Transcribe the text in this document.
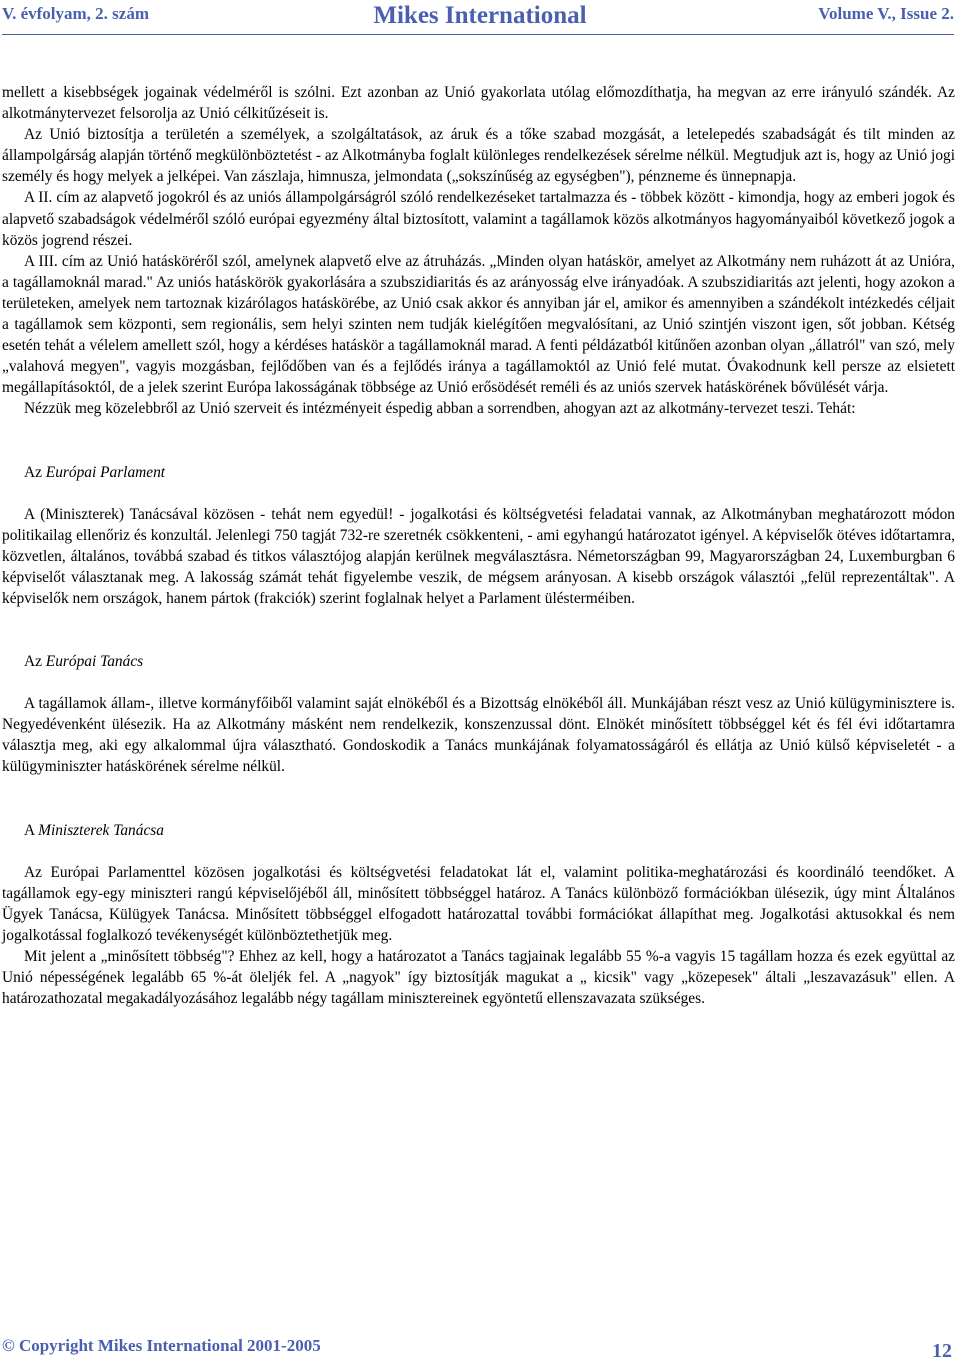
V. évfolyam, 2. szám	Mikes International	Volume V., Issue 2.

mellett a kisebbségek jogainak védelméről is szólni. Ezt azonban az Unió gyakorlata utólag előmozdíthatja, ha megvan az erre irányuló szándék. Az alkotmánytervezet felsorolja az Unió célkitűzéseit is.

Az Unió biztosítja a területén a személyek, a szolgáltatások, az áruk és a tőke szabad mozgását, a letelepedés szabadságát és tilt minden az állampolgárság alapján történő megkülönböztetést - az Alkotmányba foglalt különleges rendelkezések sérelme nélkül. Megtudjuk azt is, hogy az Unió jogi személy és hogy melyek a jelképei. Van zászlaja, himnusza, jelmondata („sokszínűség az egységben"), pénzneme és ünnepnapja.

A II. cím az alapvető jogokról és az uniós állampolgárságról szóló rendelkezéseket tartalmazza és - többek között - kimondja, hogy az emberi jogok és alapvető szabadságok védelméről szóló európai egyezmény által biztosított, valamint a tagállamok közös alkotmányos hagyományaiból következő jogok a közös jogrend részei.

A III. cím az Unió hatásköréről szól, amelynek alapvető elve az átruházás. „Minden olyan hatáskör, amelyet az Alkotmány nem ruházott át az Unióra, a tagállamoknál marad." Az uniós hatáskörök gyakorlására a szubszidiaritás és az arányosság elve irányadóak. A szubszidiaritás azt jelenti, hogy azokon a területeken, amelyek nem tartoznak kizárólagos hatáskörébe, az Unió csak akkor és annyiban jár el, amikor és amennyiben a szándékolt intézkedés céljait a tagállamok sem központi, sem regionális, sem helyi szinten nem tudják kielégítően megvalósítani, az Unió szintjén viszont igen, sőt jobban. Kétség esetén tehát a vélelem amellett szól, hogy a kérdéses hatáskör a tagállamoknál marad. A fenti példázatból kitűnően azonban olyan „állatról" van szó, mely „valahová megyen", vagyis mozgásban, fejlődőben van és a fejlődés iránya a tagállamoktól az Unió felé mutat. Óvakodnunk kell persze az elsietett megállapításoktól, de a jelek szerint Európa lakosságának többsége az Unió erősödését reméli és az uniós szervek hatáskörének bővülését várja.

Nézzük meg közelebbről az Unió szerveit és intézményeit éspedig abban a sorrendben, ahogyan azt az alkotmány-tervezet teszi. Tehát:

Az Európai Parlament

A (Miniszterek) Tanácsával közösen - tehát nem egyedül! - jogalkotási és költségvetési feladatai vannak, az Alkotmányban meghatározott módon politikailag ellenőriz és konzultál. Jelenlegi 750 tagját 732-re szeretnék csökkenteni, - ami egyhangú határozatot igényel. A képviselők ötéves időtartamra, közvetlen, általános, továbbá szabad és titkos választójog alapján kerülnek megválasztásra. Németországban 99, Magyarországban 24, Luxemburgban 6 képviselőt választanak meg. A lakosság számát tehát figyelembe veszik, de mégsem arányosan. A kisebb országok választói „felül reprezentáltak". A képviselők nem országok, hanem pártok (frakciók) szerint foglalnak helyet a Parlament ülésterméiben.

Az Európai Tanács

A tagállamok állam-, illetve kormányfőiből valamint saját elnökéből és a Bizottság elnökéből áll. Munkájában részt vesz az Unió külügyminisztere is. Negyedévenként ülésezik. Ha az Alkotmány másként nem rendelkezik, konszenzussal dönt. Elnökét minősített többséggel két és fél évi időtartamra választja meg, aki egy alkalommal újra választható. Gondoskodik a Tanács munkájának folyamatosságáról és ellátja az Unió külső képviseletét - a külügyminiszter hatáskörének sérelme nélkül.

A Miniszterek Tanácsa

Az Európai Parlamenttel közösen jogalkotási és költségvetési feladatokat lát el, valamint politika-meghatározási és koordináló teendőket. A tagállamok egy-egy miniszteri rangú képviselőjéből áll, minősített többséggel határoz. A Tanács különböző formációkban ülésezik, úgy mint Általános Ügyek Tanácsa, Külügyek Tanácsa. Minősített többséggel elfogadott határozattal további formációkat állapíthat meg. Jogalkotási aktusokkal és nem jogalkotással foglalkozó tevékenységét különböztethetjük meg.

Mit jelent a „minősített többség"? Ehhez az kell, hogy a határozatot a Tanács tagjainak legalább 55 %-a vagyis 15 tagállam hozza és ezek együttal az Unió népességének legalább 65 %-át öleljék fel. A „nagyok" így biztosítják magukat a „ kicsik" vagy „közepesek" általi „leszavazásuk" ellen. A határozathozatal megakadályozásához legalább négy tagállam minisztereinek egyöntetű ellenszavazata szükséges.

© Copyright Mikes International 2001-2005	12
